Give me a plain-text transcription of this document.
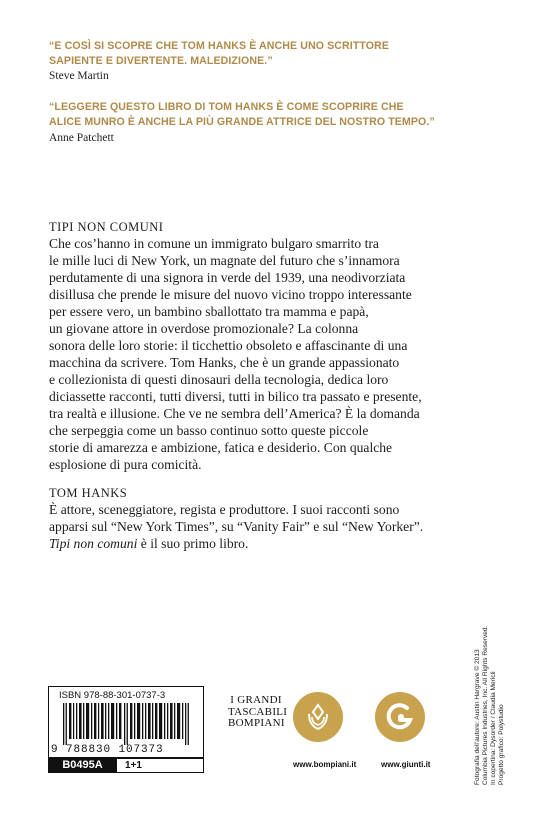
“E COSÌ SI SCOPRE CHE TOM HANKS È ANCHE UNO SCRITTORE
SAPIENTE E DIVERTENTE. MALEDIZIONE.”
Steve Martin
“LEGGERE QUESTO LIBRO DI TOM HANKS È COME SCOPRIRE CHE
ALICE MUNRO È ANCHE LA PIÙ GRANDE ATTRICE DEL NOSTRO TEMPO.”
Anne Patchett
TIPI NON COMUNI
Che cos’hanno in comune un immigrato bulgaro smarrito tra
le mille luci di New York, un magnate del futuro che s’innamora
perdutamente di una signora in verde del 1939, una neodivorziata
disillusa che prende le misure del nuovo vicino troppo interessante
per essere vero, un bambino sballottato tra mamma e papà,
un giovane attore in overdose promozionale? La colonna
sonora delle loro storie: il ticchettio obsoleto e affascinante di una
macchina da scrivere. Tom Hanks, che è un grande appassionato
e collezionista di questi dinosauri della tecnologia, dedica loro
diciassette racconti, tutti diversi, tutti in bilico tra passato e presente,
tra realtà e illusione. Che ve ne sembra dell’America? È la domanda
che serpeggia come un basso continuo sotto queste piccole
storie di amarezza e ambizione, fatica e desiderio. Con qualche
esplosione di pura comicità.
TOM HANKS
È attore, sceneggiatore, regista e produttore. I suoi racconti sono
apparsi sul “New York Times”, su “Vanity Fair” e sul “New Yorker”.
Tipi non comuni è il suo primo libro.
ISBN 978-88-301-0737-3
9 788830 107373
B0495A	1+1
I GRANDI
TASCABILI
BOMPIANI
www.bompiani.it	www.giunti.it	Fotografia dell’autore: Austin Hargrave © 2013 Columbia Pictures Industries, Inc. All Rights Reserved. In copertina: Dysorder / Claudia Mericli Progetto grafico: Polystudio
